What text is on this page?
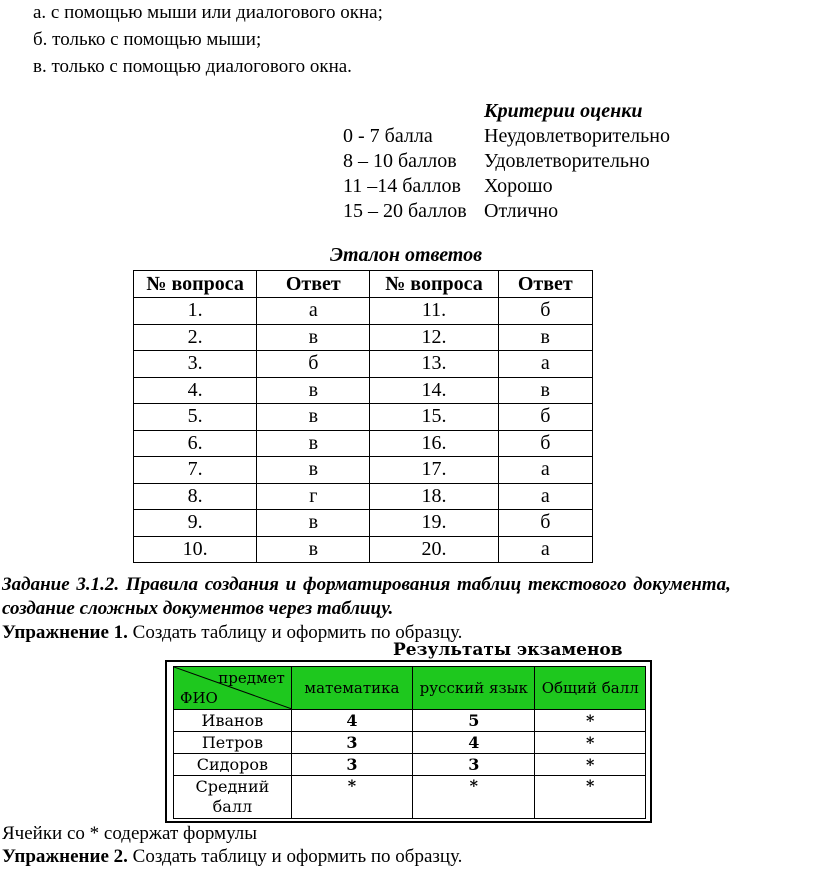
а. с помощью мыши или диалогового окна;
б. только с помощью мыши;
в. только с помощью диалогового окна.
Критерии оценки
0 - 7 балла	Неудовлетворительно
8 – 10 баллов Удовлетворительно
11 –14 баллов Хорошо
15 – 20 баллов Отлично
Эталон ответов
№ вопроса	Ответ	№ вопроса	Ответ
1.	а	11.	б
2.	в	12.	в
3.	б	13.	а
4.	в	14.	в
5.	в	15.	б
6.	в	16.	б
7.	в	17.	а
8.	г	18.	а
9.	в	19.	б
10.	в	20.	а
Задание 3.1.2. Правила создания и форматирования таблиц текстового документа,
создание сложных документов через таблицу.
Упражнение 1. Создать таблицу и оформить по образцу.
Результаты экзаменов
предмет
ФИО	математика	русский язык	Общий балл
Иванов	4	5	*
Петров	3	4	*
Сидоров	3	3	*
Средний балл	*	*	*
Ячейки со * содержат формулы
Упражнение 2. Создать таблицу и оформить по образцу.
